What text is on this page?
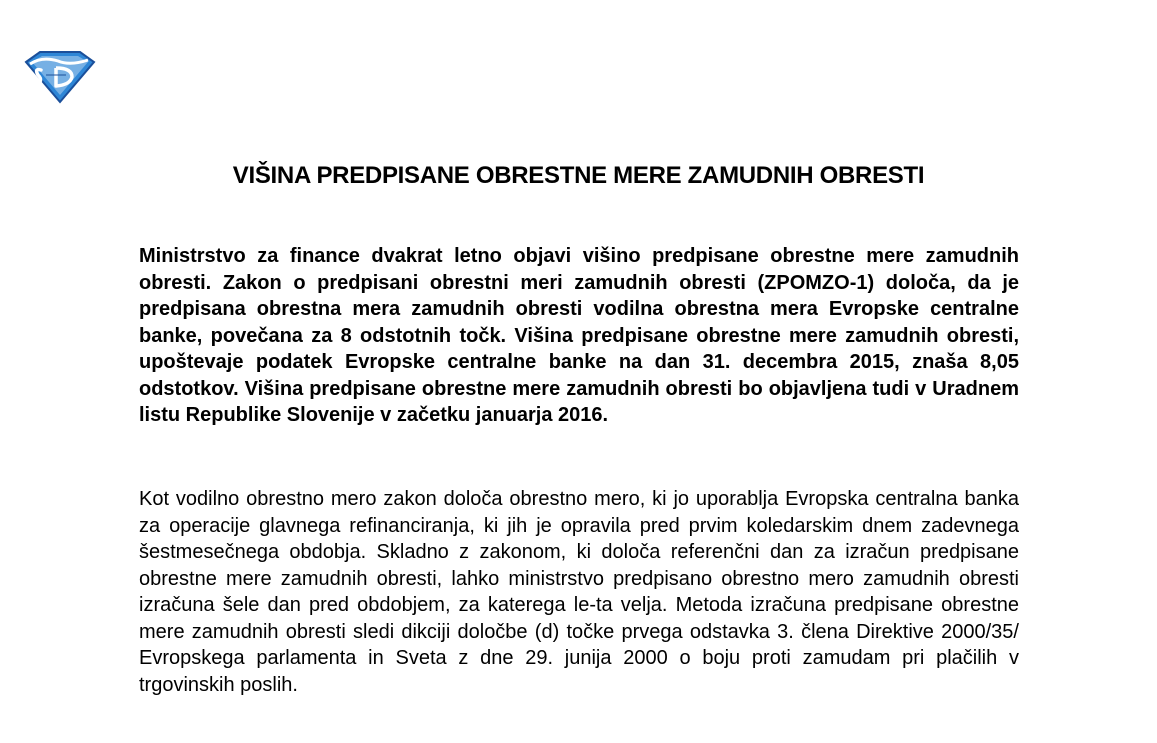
VIŠINA PREDPISANE OBRESTNE MERE ZAMUDNIH OBRESTI

Ministrstvo za finance dvakrat letno objavi višino predpisane obrestne mere zamudnih obresti. Zakon o predpisani obrestni meri zamudnih obresti (ZPOMZO-1) določa, da je predpisana obrestna mera zamudnih obresti vodilna obrestna mera Evropske centralne banke, povečana za 8 odstotnih točk. Višina predpisane obrestne mere zamudnih obresti, upoštevaje podatek Evropske centralne banke na dan 31. decembra 2015, znaša 8,05 odstotkov. Višina predpisane obrestne mere zamudnih obresti bo objavljena tudi v Uradnem listu Republike Slovenije v začetku januarja 2016.

Kot vodilno obrestno mero zakon določa obrestno mero, ki jo uporablja Evropska centralna banka za operacije glavnega refinanciranja, ki jih je opravila pred prvim koledarskim dnem zadevnega šestmesečnega obdobja. Skladno z zakonom, ki določa referenčni dan za izračun predpisane obrestne mere zamudnih obresti, lahko ministrstvo predpisano obrestno mero zamudnih obresti izračuna šele dan pred obdobjem, za katerega le-ta velja. Metoda izračuna predpisane obrestne mere zamudnih obresti sledi dikciji določbe (d) točke prvega odstavka 3. člena Direktive 2000/35/ Evropskega parlamenta in Sveta z dne 29. junija 2000 o boju proti zamudam pri plačilih v trgovinskih poslih.
